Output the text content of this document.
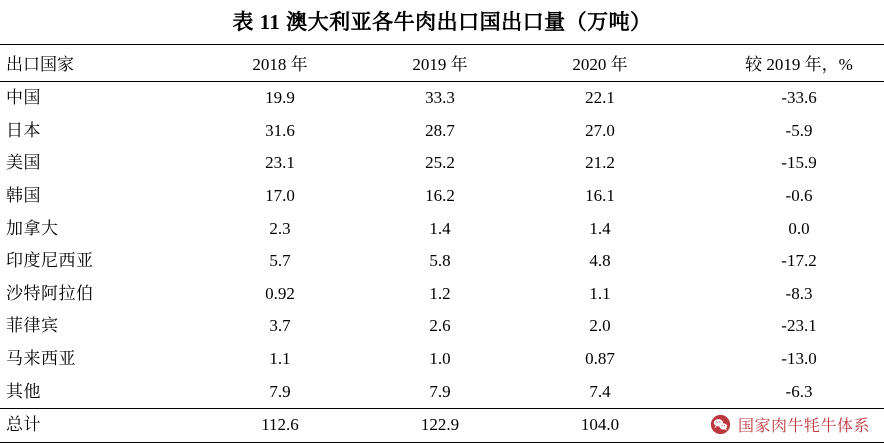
表 11 澳大利亚各牛肉出口国出口量（万吨）
出口国家	2018 年	2019 年	2020 年	较 2019 年，%
中国	19.9	33.3	22.1	-33.6
日本	31.6	28.7	27.0	-5.9
美国	23.1	25.2	21.2	-15.9
韩国	17.0	16.2	16.1	-0.6
加拿大	2.3	1.4	1.4	0.0
印度尼西亚	5.7	5.8	4.8	-17.2
沙特阿拉伯	0.92	1.2	1.1	-8.3
菲律宾	3.7	2.6	2.0	-23.1
马来西亚	1.1	1.0	0.87	-13.0
其他	7.9	7.9	7.4	-6.3
总计	112.6	122.9	104.0		国家肉牛牦牛体系
